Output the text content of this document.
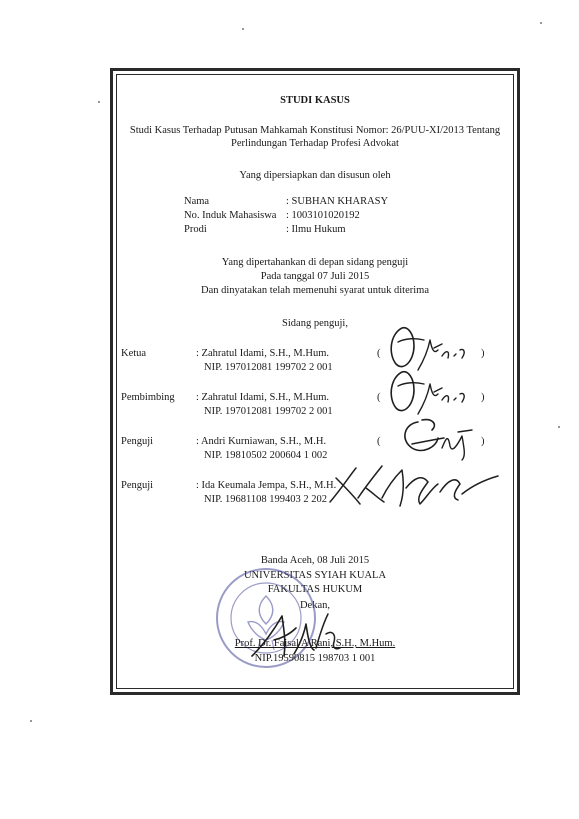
STUDI KASUS
Studi Kasus Terhadap Putusan Mahkamah Konstitusi Nomor: 26/PUU-XI/2013 Tentang
Perlindungan Terhadap Profesi Advokat
Yang dipersiapkan dan disusun oleh
Nama	: SUBHAN KHARASY
No. Induk Mahasiswa : 1003101020192
Prodi	: Ilmu Hukum
Yang dipertahankan di depan sidang penguji
Pada tanggal 07 Juli 2015
Dan dinyatakan telah memenuhi syarat untuk diterima
Sidang penguji,
Ketua	: Zahratul Idami, S.H., M.Hum.
NIP. 197012081 199702 2 001
(	)
Pembimbing : Zahratul Idami, S.H., M.Hum.
NIP. 197012081 199702 2 001
(	)
Penguji	: Andri Kurniawan, S.H., M.H.
NIP. 19810502 200604 1 002
(	)
Penguji	: Ida Keumala Jempa, S.H., M.H.
NIP. 19681108 199403 2 202
Banda Aceh, 08 Juli 2015
UNIVERSITAS SYIAH KUALA
FAKULTAS HUKUM
Dekan,
Prof. Dr. Faisal A Rani, S.H., M.Hum.
NIP.19590815 198703 1 001
